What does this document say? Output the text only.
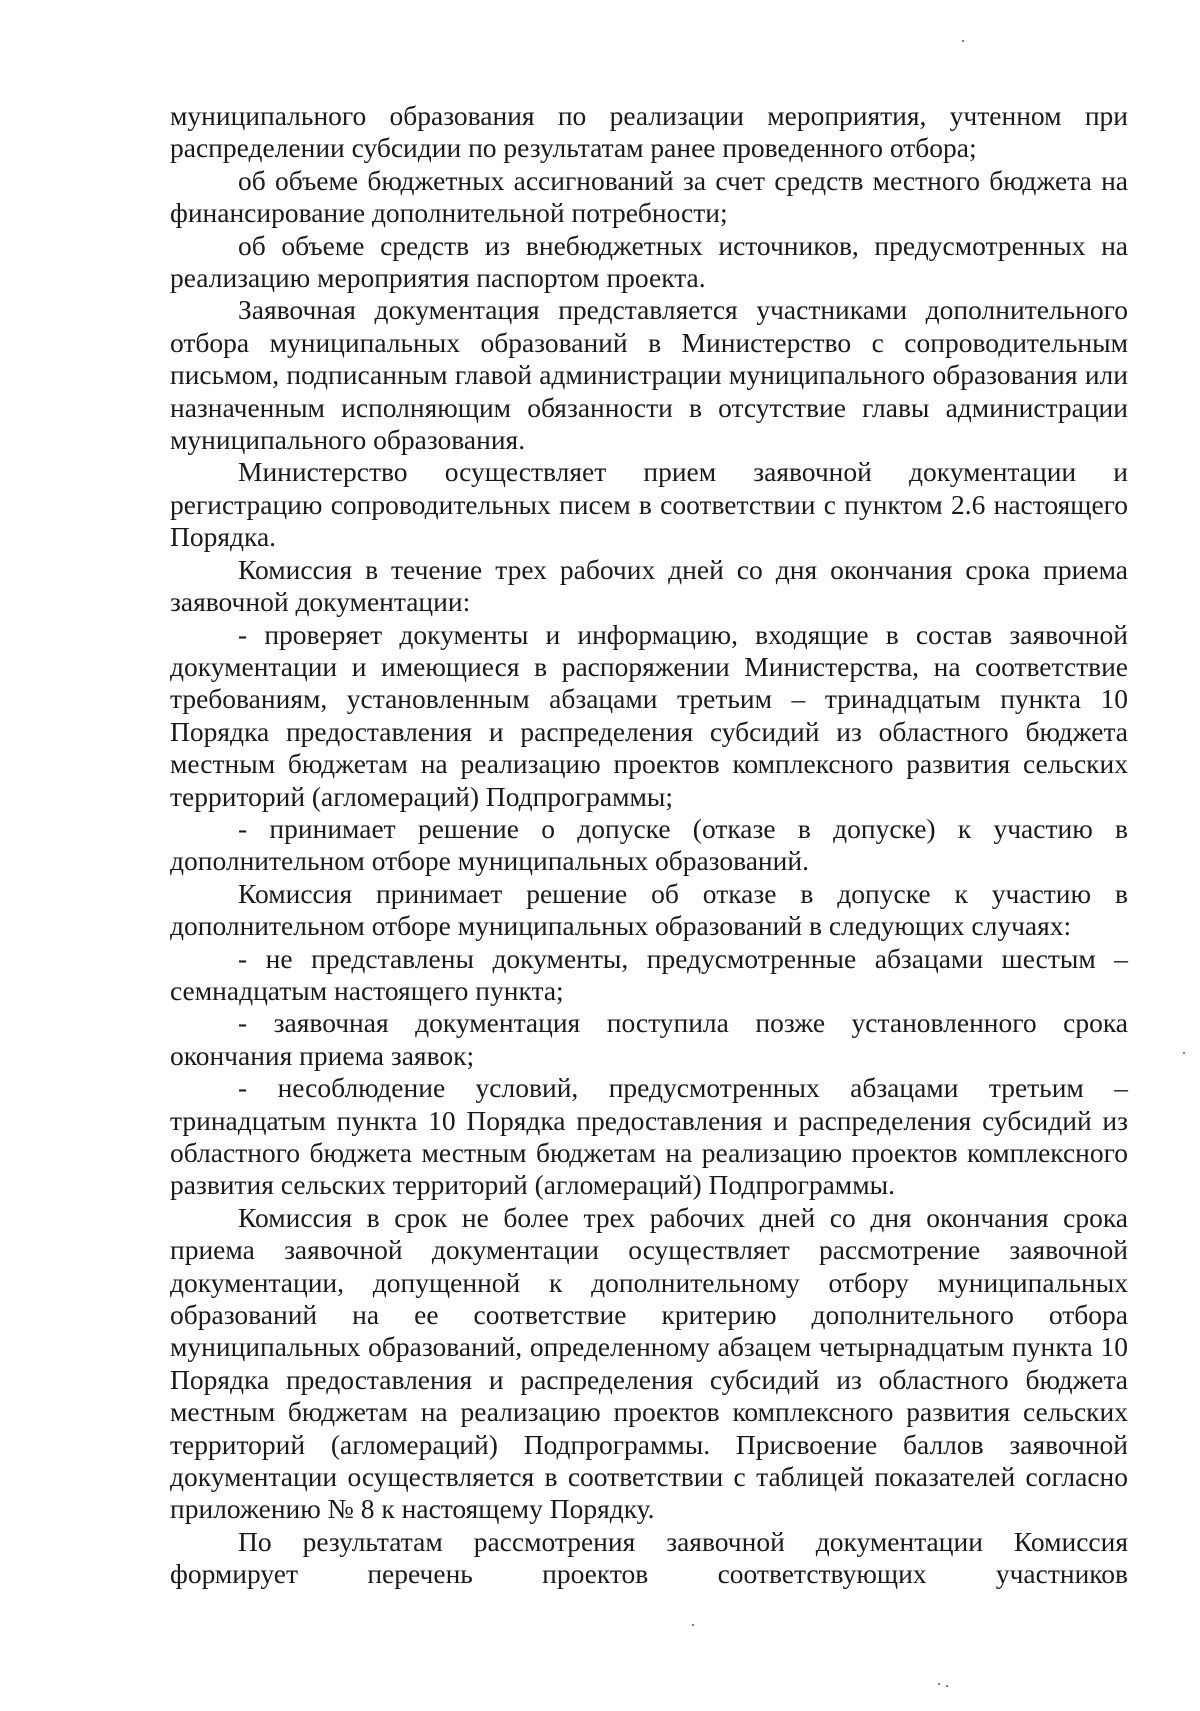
муниципального образования по реализации мероприятия, учтенном при распределении субсидии по результатам ранее проведенного отбора;

об объеме бюджетных ассигнований за счет средств местного бюджета на финансирование дополнительной потребности;

об объеме средств из внебюджетных источников, предусмотренных на реализацию мероприятия паспортом проекта.

Заявочная документация представляется участниками дополнительного отбора муниципальных образований в Министерство с сопроводительным письмом, подписанным главой администрации муниципального образования или назначенным исполняющим обязанности в отсутствие главы администрации муниципального образования.

Министерство осуществляет прием заявочной документации и регистрацию сопроводительных писем в соответствии с пунктом 2.6 настоящего Порядка.

Комиссия в течение трех рабочих дней со дня окончания срока приема заявочной документации:

- проверяет документы и информацию, входящие в состав заявочной документации и имеющиеся в распоряжении Министерства, на соответствие требованиям, установленным абзацами третьим – тринадцатым пункта 10 Порядка предоставления и распределения субсидий из областного бюджета местным бюджетам на реализацию проектов комплексного развития сельских территорий (агломераций) Подпрограммы;

- принимает решение о допуске (отказе в допуске) к участию в дополнительном отборе муниципальных образований.

Комиссия принимает решение об отказе в допуске к участию в дополнительном отборе муниципальных образований в следующих случаях:

- не представлены документы, предусмотренные абзацами шестым – семнадцатым настоящего пункта;

- заявочная документация поступила позже установленного срока окончания приема заявок;

- несоблюдение условий, предусмотренных абзацами третьим – тринадцатым пункта 10 Порядка предоставления и распределения субсидий из областного бюджета местным бюджетам на реализацию проектов комплексного развития сельских территорий (агломераций) Подпрограммы.

Комиссия в срок не более трех рабочих дней со дня окончания срока приема заявочной документации осуществляет рассмотрение заявочной документации, допущенной к дополнительному отбору муниципальных образований на ее соответствие критерию дополнительного отбора муниципальных образований, определенному абзацем четырнадцатым пункта 10 Порядка предоставления и распределения субсидий из областного бюджета местным бюджетам на реализацию проектов комплексного развития сельских территорий (агломераций) Подпрограммы. Присвоение баллов заявочной документации осуществляется в соответствии с таблицей показателей согласно приложению № 8 к настоящему Порядку.

По результатам рассмотрения заявочной документации Комиссия формирует перечень проектов соответствующих участников
